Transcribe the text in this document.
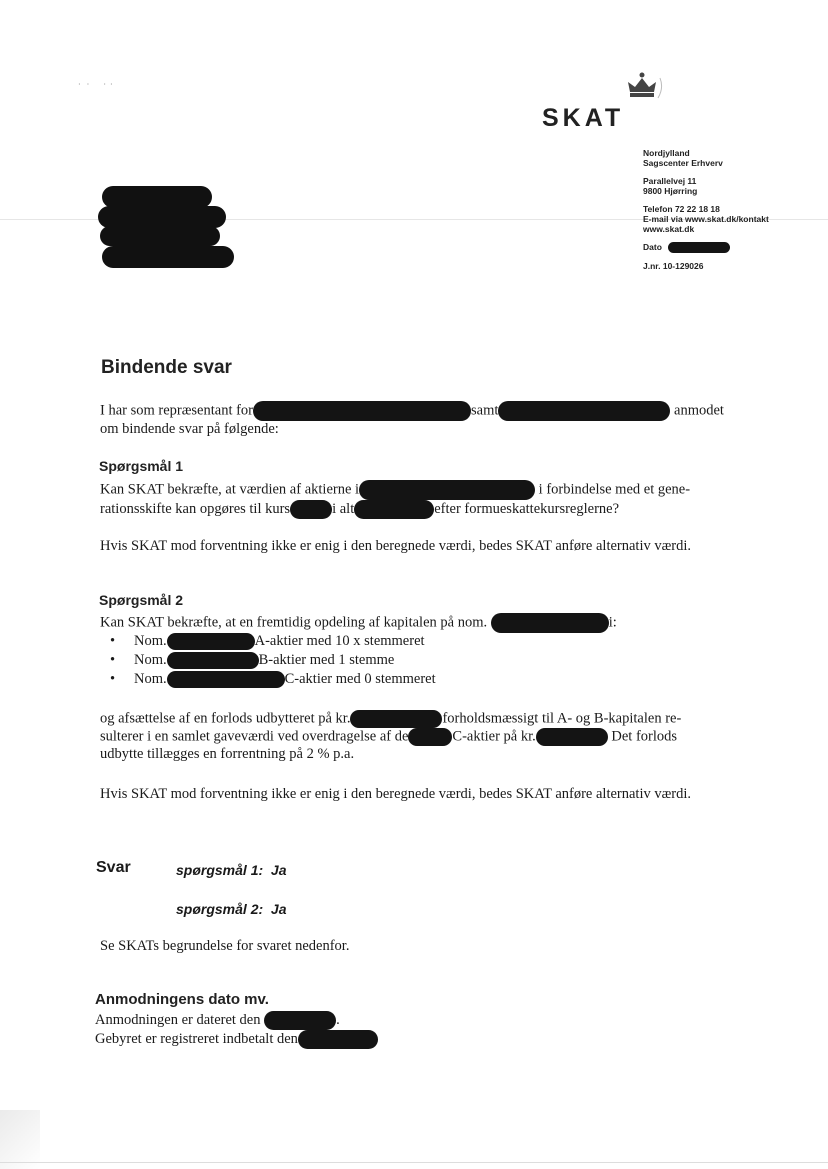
·   ·       ·  ·
SKAT
Nordjylland
Sagscenter Erhverv
Parallelvej 11
9800 Hjørring
Telefon 72 22 18 18
E-mail via www.skat.dk/kontakt
www.skat.dk
Dato
J.nr. 10-129026
Bindende svar
I har som repræsentant for	samt	anmodet
om bindende svar på følgende:
Spørgsmål 1
Kan SKAT bekræfte, at værdien af aktierne i	i forbindelse med et gene-
rationsskifte kan opgøres til kurs	i alt	efter formueskattekursreglerne?
Hvis SKAT mod forventning ikke er enig i den beregnede værdi, bedes SKAT anføre alternativ værdi.
Spørgsmål 2
Kan SKAT bekræfte, at en fremtidig opdeling af kapitalen på nom.	i:
• Nom.	A-aktier med 10 x stemmeret
• Nom.	B-aktier med 1 stemme
• Nom.	C-aktier med 0 stemmeret
og afsættelse af en forlods udbytteret på kr.	forholdsmæssigt til A- og B-kapitalen re-
sulterer i en samlet gaveværdi ved overdragelse af de	C-aktier på kr.	Det forlods
udbytte tillægges en forrentning på 2 % p.a.
Hvis SKAT mod forventning ikke er enig i den beregnede værdi, bedes SKAT anføre alternativ værdi.
Svar	spørgsmål 1: Ja
spørgsmål 2: Ja
Se SKATs begrundelse for svaret nedenfor.
Anmodningens dato mv.
Anmodningen er dateret den	.
Gebyret er registreret indbetalt den
